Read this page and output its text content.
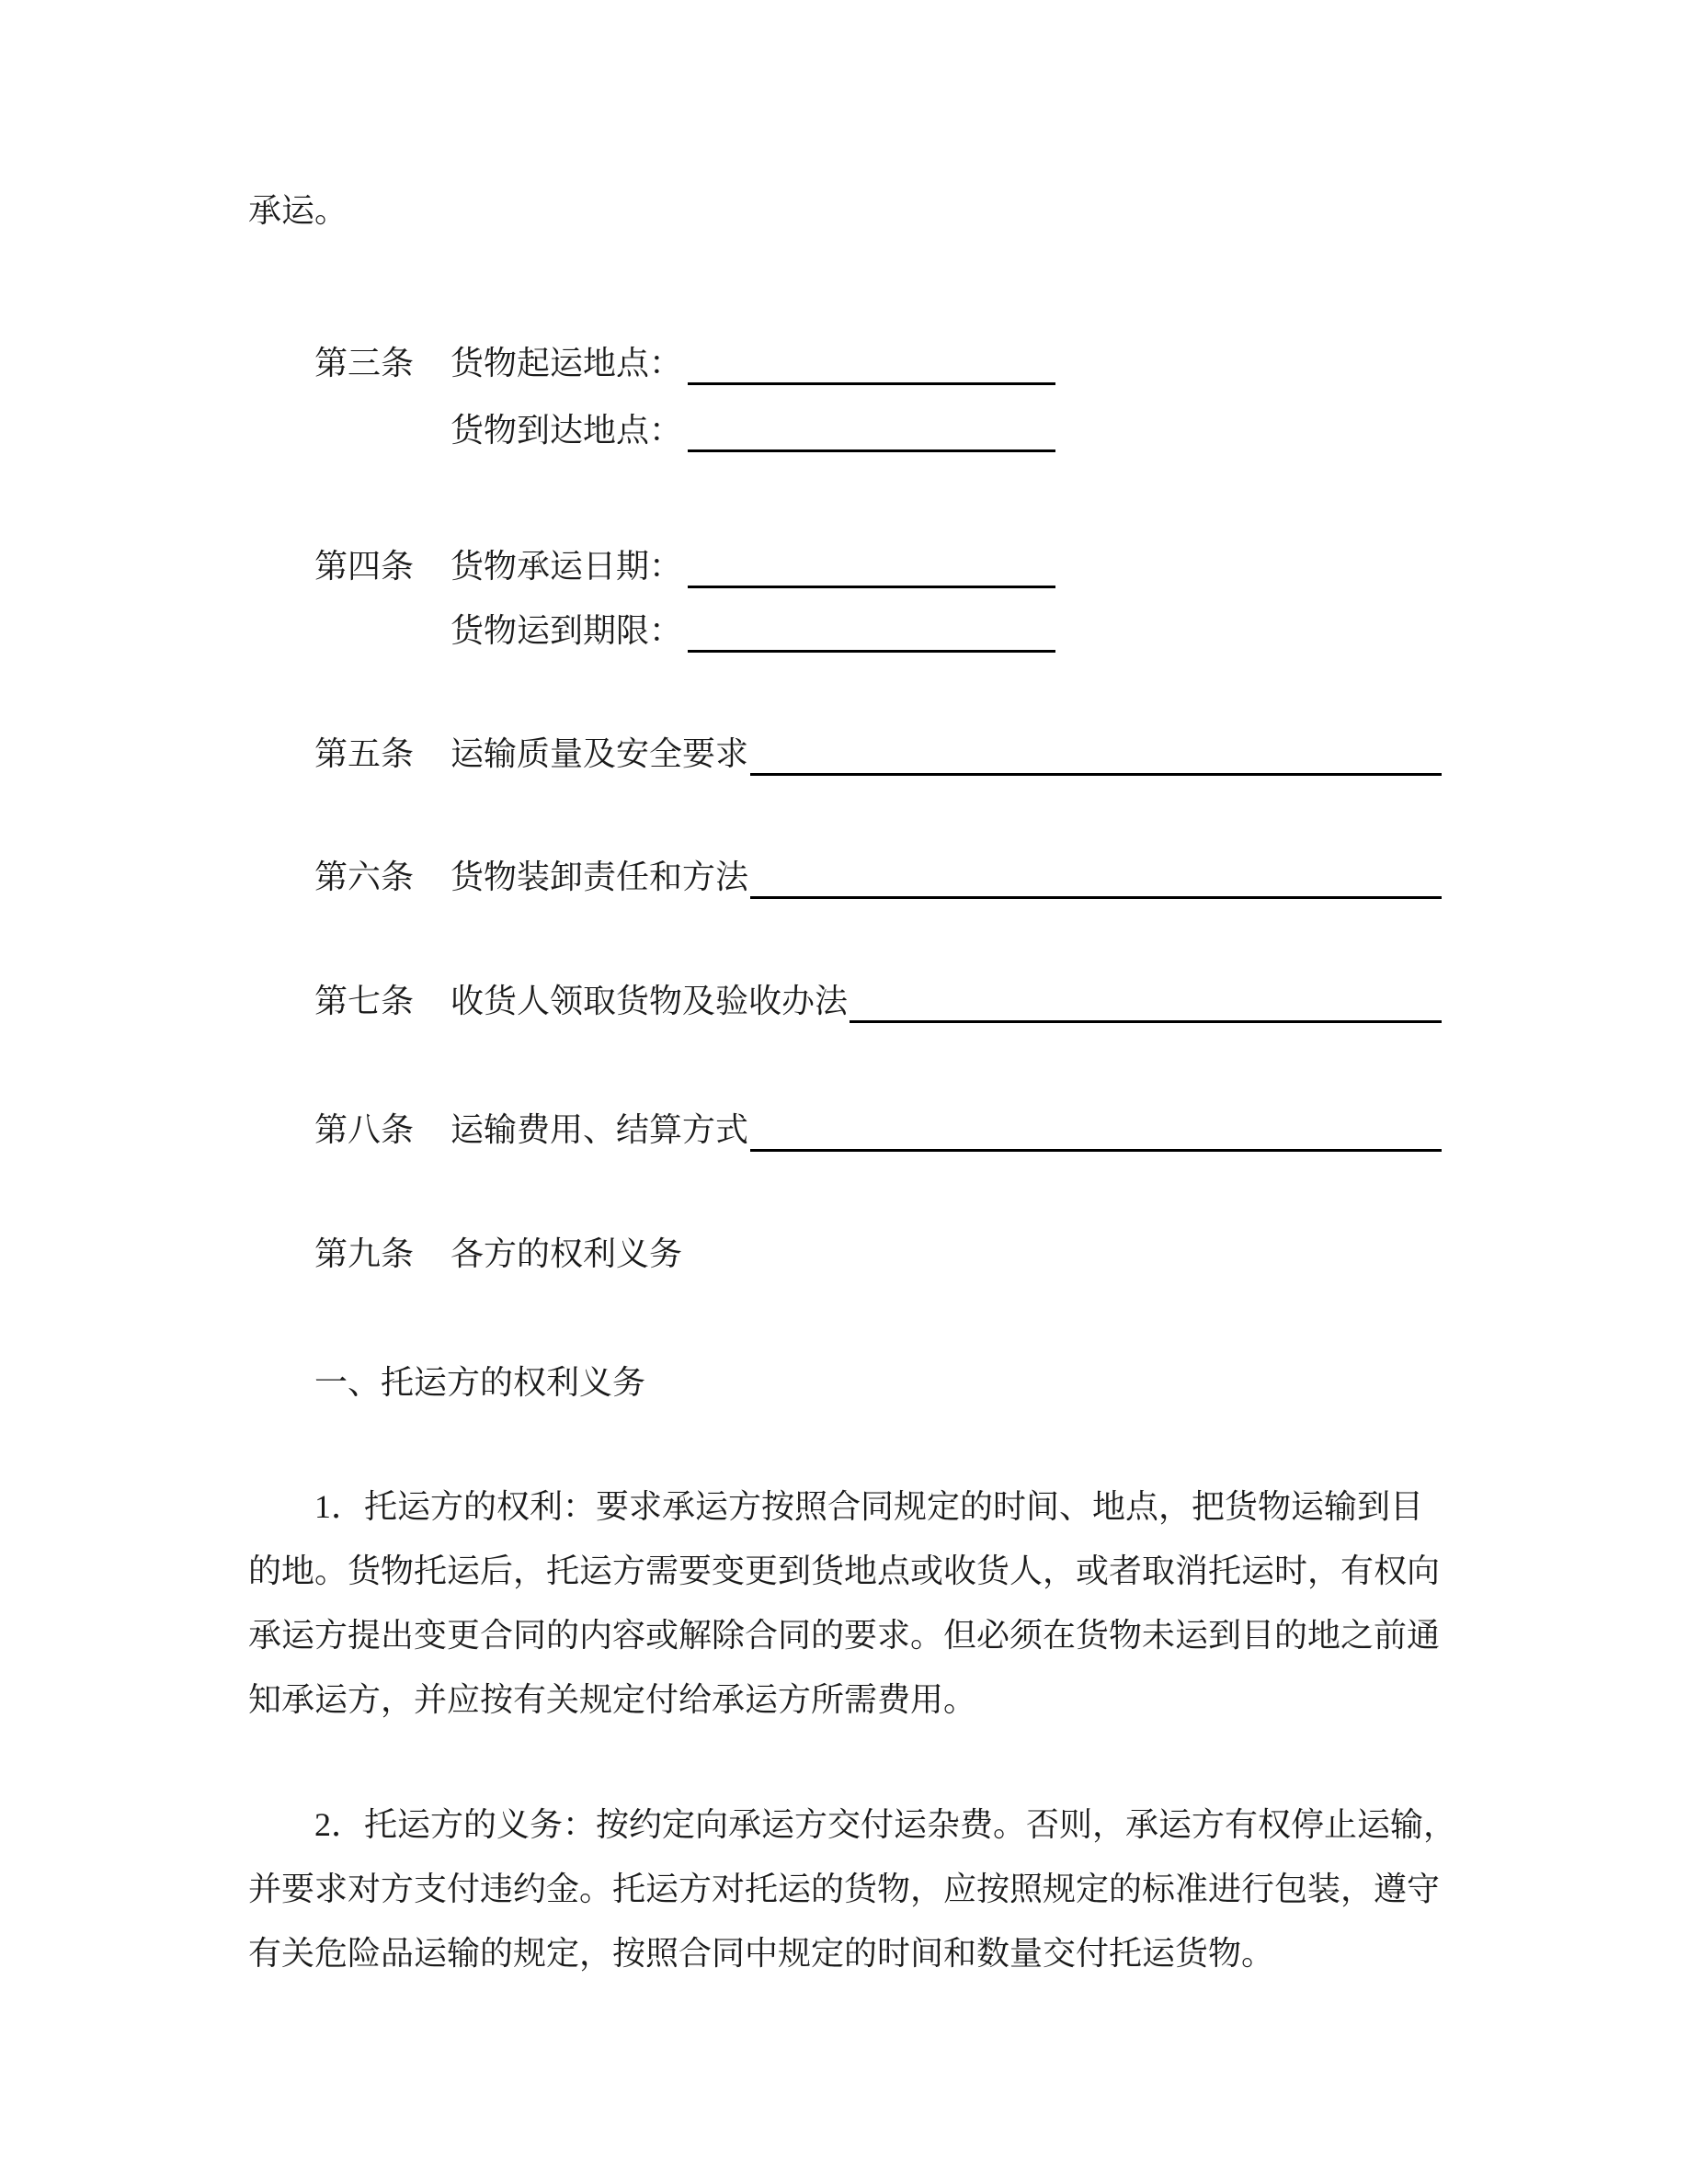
承运。
第三条 货物起运地点：
货物到达地点：
第四条 货物承运日期：
货物运到期限：
第五条 运输质量及安全要求
第六条 货物装卸责任和方法
第七条 收货人领取货物及验收办法
第八条 运输费用、结算方式
第九条 各方的权利义务
一、托运方的权利义务
1．托运方的权利：要求承运方按照合同规定的时间、地点，把货物运输到目
的地。货物托运后，托运方需要变更到货地点或收货人，或者取消托运时，有权向
承运方提出变更合同的内容或解除合同的要求。但必须在货物未运到目的地之前通
知承运方，并应按有关规定付给承运方所需费用。
2．托运方的义务：按约定向承运方交付运杂费。否则，承运方有权停止运输，
并要求对方支付违约金。托运方对托运的货物，应按照规定的标准进行包装，遵守
有关危险品运输的规定，按照合同中规定的时间和数量交付托运货物。
